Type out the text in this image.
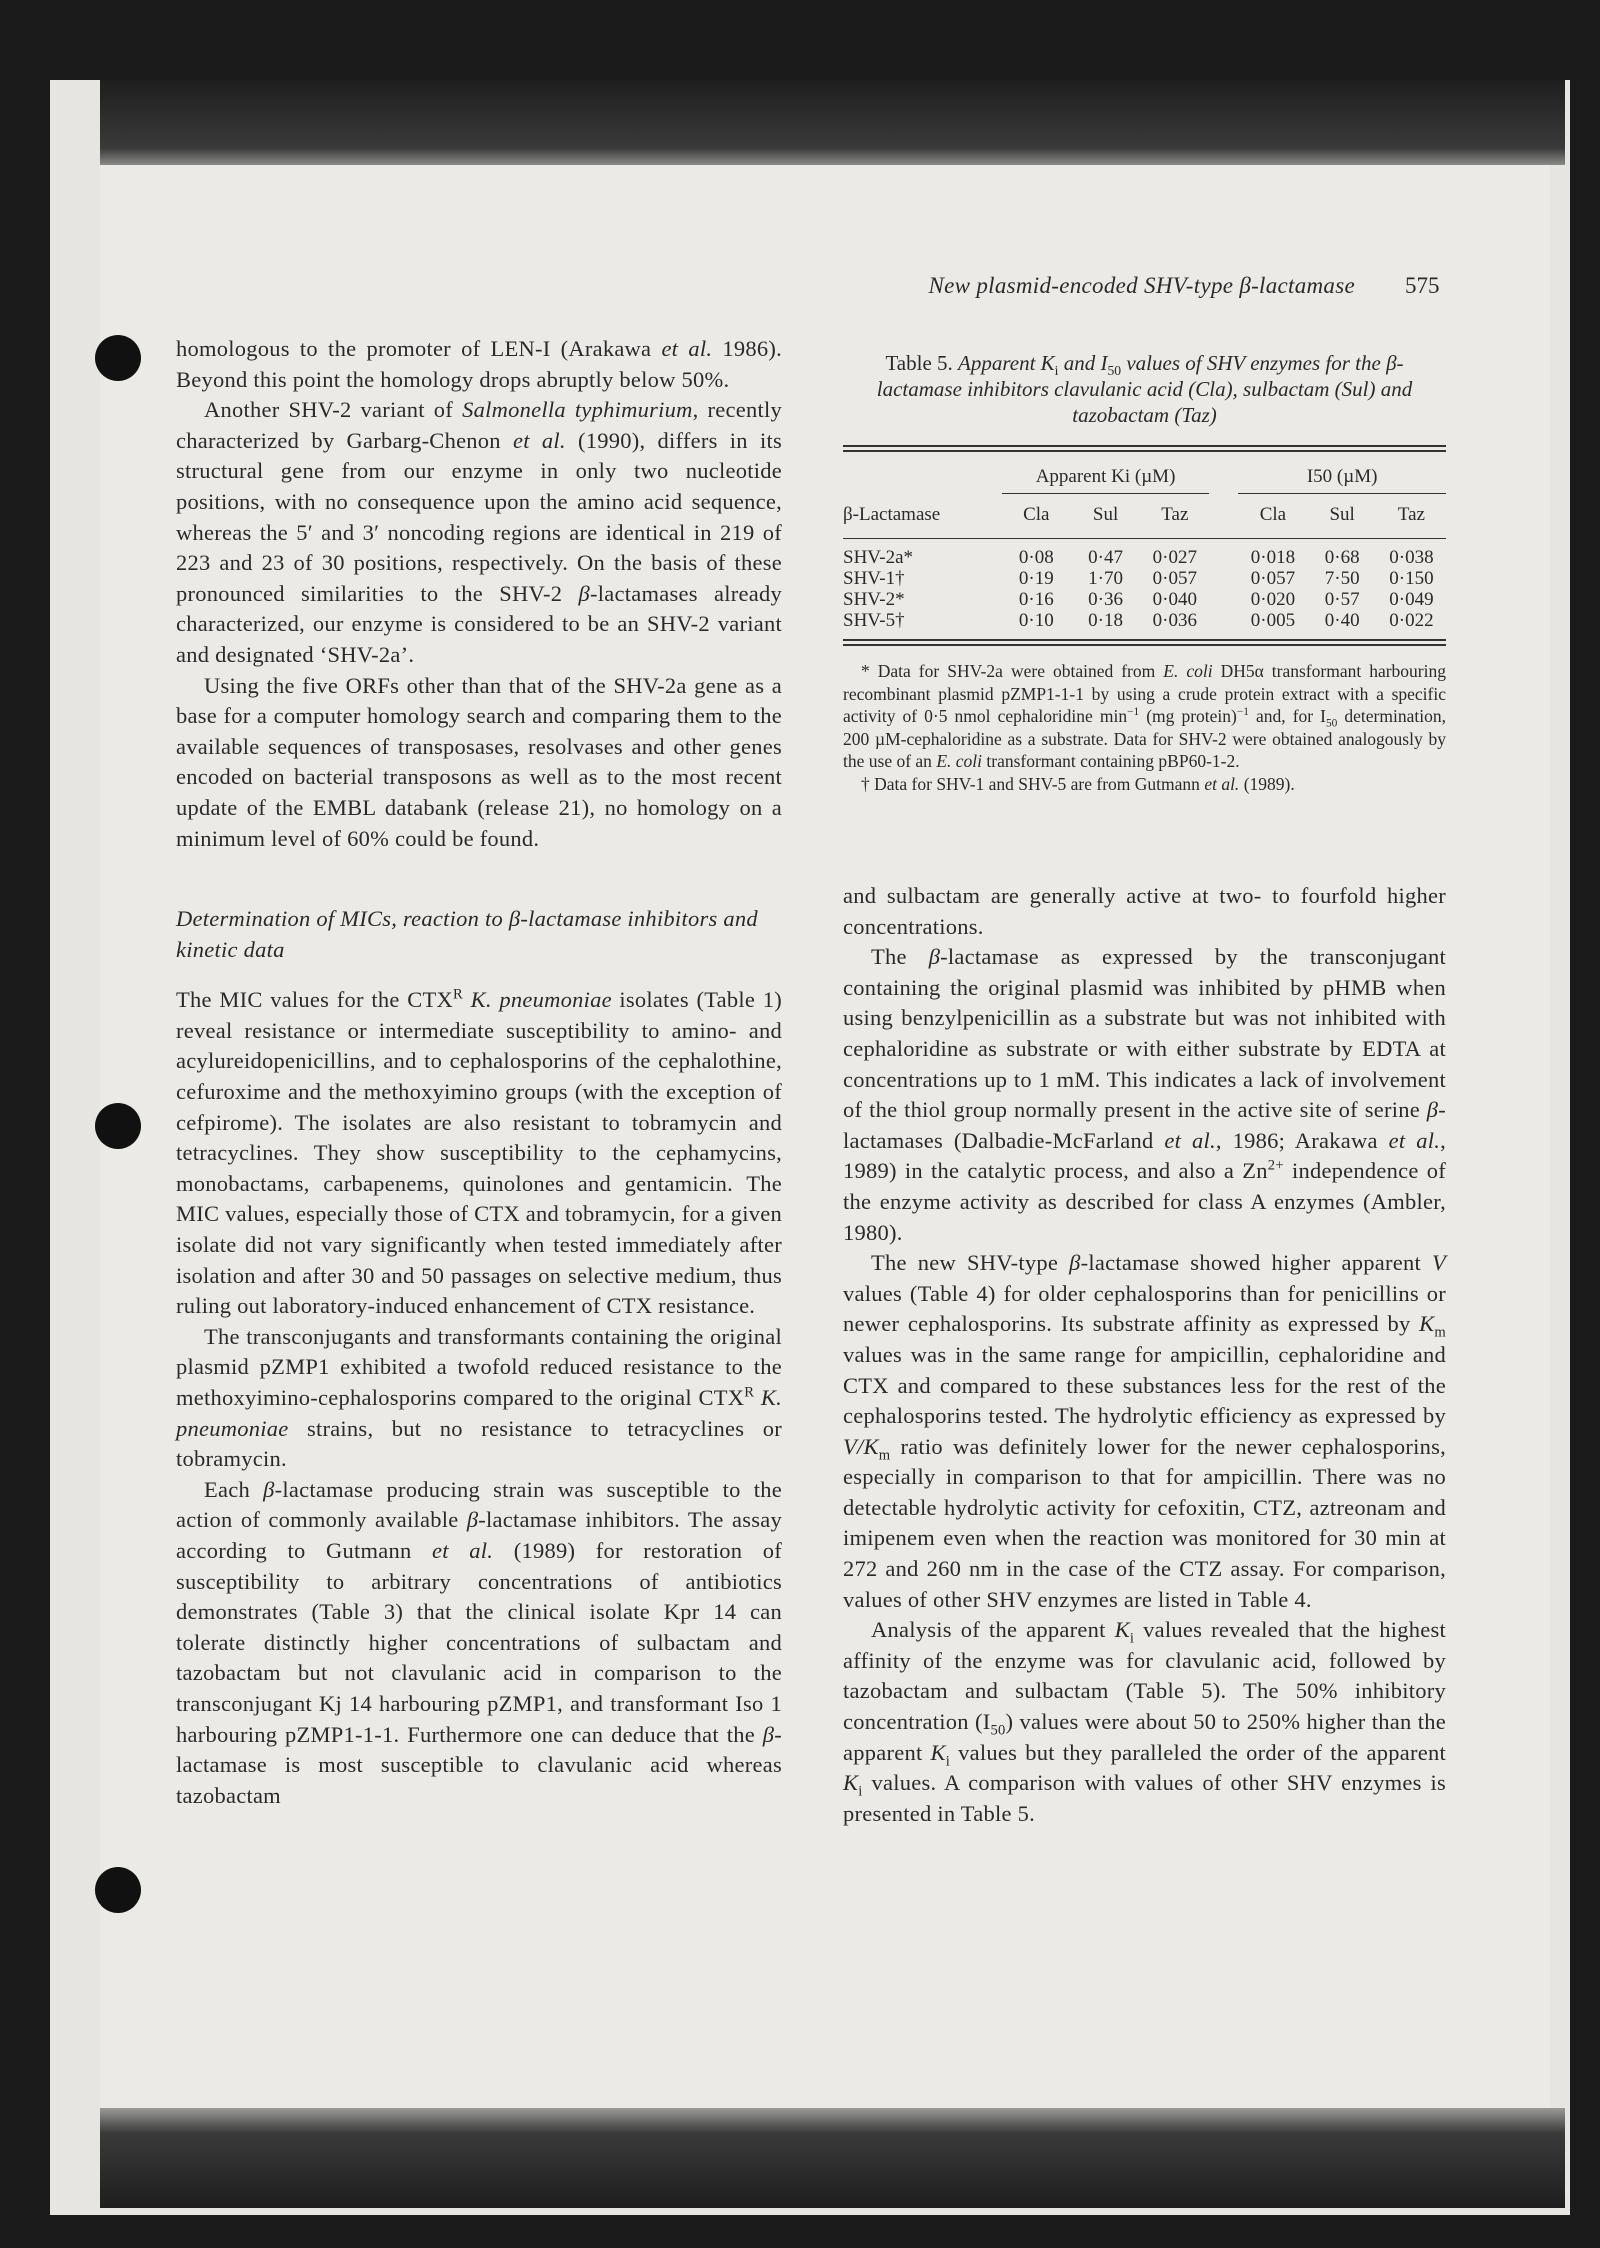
New plasmid-encoded SHV-type β-lactamase 575

homologous to the promoter of LEN-I (Arakawa et al. 1986). Beyond this point the homology drops abruptly below 50%.

Another SHV-2 variant of Salmonella typhimurium, recently characterized by Garbarg-Chenon et al. (1990), differs in its structural gene from our enzyme in only two nucleotide positions, with no consequence upon the amino acid sequence, whereas the 5′ and 3′ noncoding regions are identical in 219 of 223 and 23 of 30 positions, respectively. On the basis of these pronounced similarities to the SHV-2 β-lactamases already characterized, our enzyme is considered to be an SHV-2 variant and designated ‘SHV-2a’.

Using the five ORFs other than that of the SHV-2a gene as a base for a computer homology search and comparing them to the available sequences of transposases, resolvases and other genes encoded on bacterial transposons as well as to the most recent update of the EMBL databank (release 21), no homology on a minimum level of 60% could be found.

Determination of MICs, reaction to β-lactamase inhibitors and kinetic data

The MIC values for the $CTX^R$ K. pneumoniae isolates (Table 1) reveal resistance or intermediate susceptibility to amino- and acylureidopenicillins, and to cephalosporins of the cephalothine, cefuroxime and the methoxyimino groups (with the exception of cefpirome). The isolates are also resistant to tobramycin and tetracyclines. They show susceptibility to the cephamycins, monobactams, carbapenems, quinolones and gentamicin. The MIC values, especially those of CTX and tobramycin, for a given isolate did not vary significantly when tested immediately after isolation and after 30 and 50 passages on selective medium, thus ruling out laboratory-induced enhancement of CTX resistance.

The transconjugants and transformants containing the original plasmid pZMP1 exhibited a twofold reduced resistance to the methoxyimino-cephalosporins compared to the original $CTX^R$ K. pneumoniae strains, but no resistance to tetracyclines or tobramycin.

Each β-lactamase producing strain was susceptible to the action of commonly available β-lactamase inhibitors. The assay according to Gutmann et al. (1989) for restoration of susceptibility to arbitrary concentrations of antibiotics demonstrates (Table 3) that the clinical isolate Kpr 14 can tolerate distinctly higher concentrations of sulbactam and tazobactam but not clavulanic acid in comparison to the transconjugant Kj 14 harbouring pZMP1, and transformant Iso 1 harbouring pZMP1-1-1. Furthermore one can deduce that the β-lactamase is most susceptible to clavulanic acid whereas tazobactam

Table 5. Apparent $K_i$ and $I_{50}$ values of SHV enzymes for the β-lactamase inhibitors clavulanic acid (Cla), sulbactam (Sul) and tazobactam (Taz)
Apparent Ki (µM)	I50 (µM)
β-Lactamase	Cla	Sul	Taz	Cla	Sul	Taz
SHV-2a*	0·08	0·47	0·027	0·018	0·68	0·038
SHV-1†	0·19	1·70	0·057	0·057	7·50	0·150
SHV-2*	0·16	0·36	0·040	0·020	0·57	0·049
SHV-5†	0·10	0·18	0·036	0·005	0·40	0·022

* Data for SHV-2a were obtained from E. coli DH5α transformant harbouring recombinant plasmid pZMP1-1-1 by using a crude protein extract with a specific activity of 0·5 nmol cephaloridine $\min^{-1} (mg$ protein)$^{-1}$ and, for $I_{50}$ determination, 200 µM-cephaloridine as a substrate. Data for SHV-2 were obtained analogously by the use of an E. coli transformant containing pBP60-1-2.

† Data for SHV-1 and SHV-5 are from Gutmann et al. (1989).

and sulbactam are generally active at two- to fourfold higher concentrations.

The β-lactamase as expressed by the transconjugant containing the original plasmid was inhibited by pHMB when using benzylpenicillin as a substrate but was not inhibited with cephaloridine as substrate or with either substrate by EDTA at concentrations up to 1 mM. This indicates a lack of involvement of the thiol group normally present in the active site of serine β-lactamases (Dalbadie-McFarland et al., 1986; Arakawa et al., 1989) in the catalytic process, and also a $Zn^{2+}$ independence of the enzyme activity as described for class A enzymes (Ambler, 1980).

The new SHV-type β-lactamase showed higher apparent V values (Table 4) for older cephalosporins than for penicillins or newer cephalosporins. Its substrate affinity as expressed by $K_m$ values was in the same range for ampicillin, cephaloridine and CTX and compared to these substances less for the rest of the cephalosporins tested. The hydrolytic efficiency as expressed by $V/K_m$ ratio was definitely lower for the newer cephalosporins, especially in comparison to that for ampicillin. There was no detectable hydrolytic activity for cefoxitin, CTZ, aztreonam and imipenem even when the reaction was monitored for 30 min at 272 and 260 nm in the case of the CTZ assay. For comparison, values of other SHV enzymes are listed in Table 4.

Analysis of the apparent $K_i$ values revealed that the highest affinity of the enzyme was for clavulanic acid, followed by tazobactam and sulbactam (Table 5). The 50% inhibitory concentration $(I_{50})$ values were about 50 to 250% higher than the apparent $K_i$ values but they paralleled the order of the apparent $K_i$ values. A comparison with values of other SHV enzymes is presented in Table 5.
